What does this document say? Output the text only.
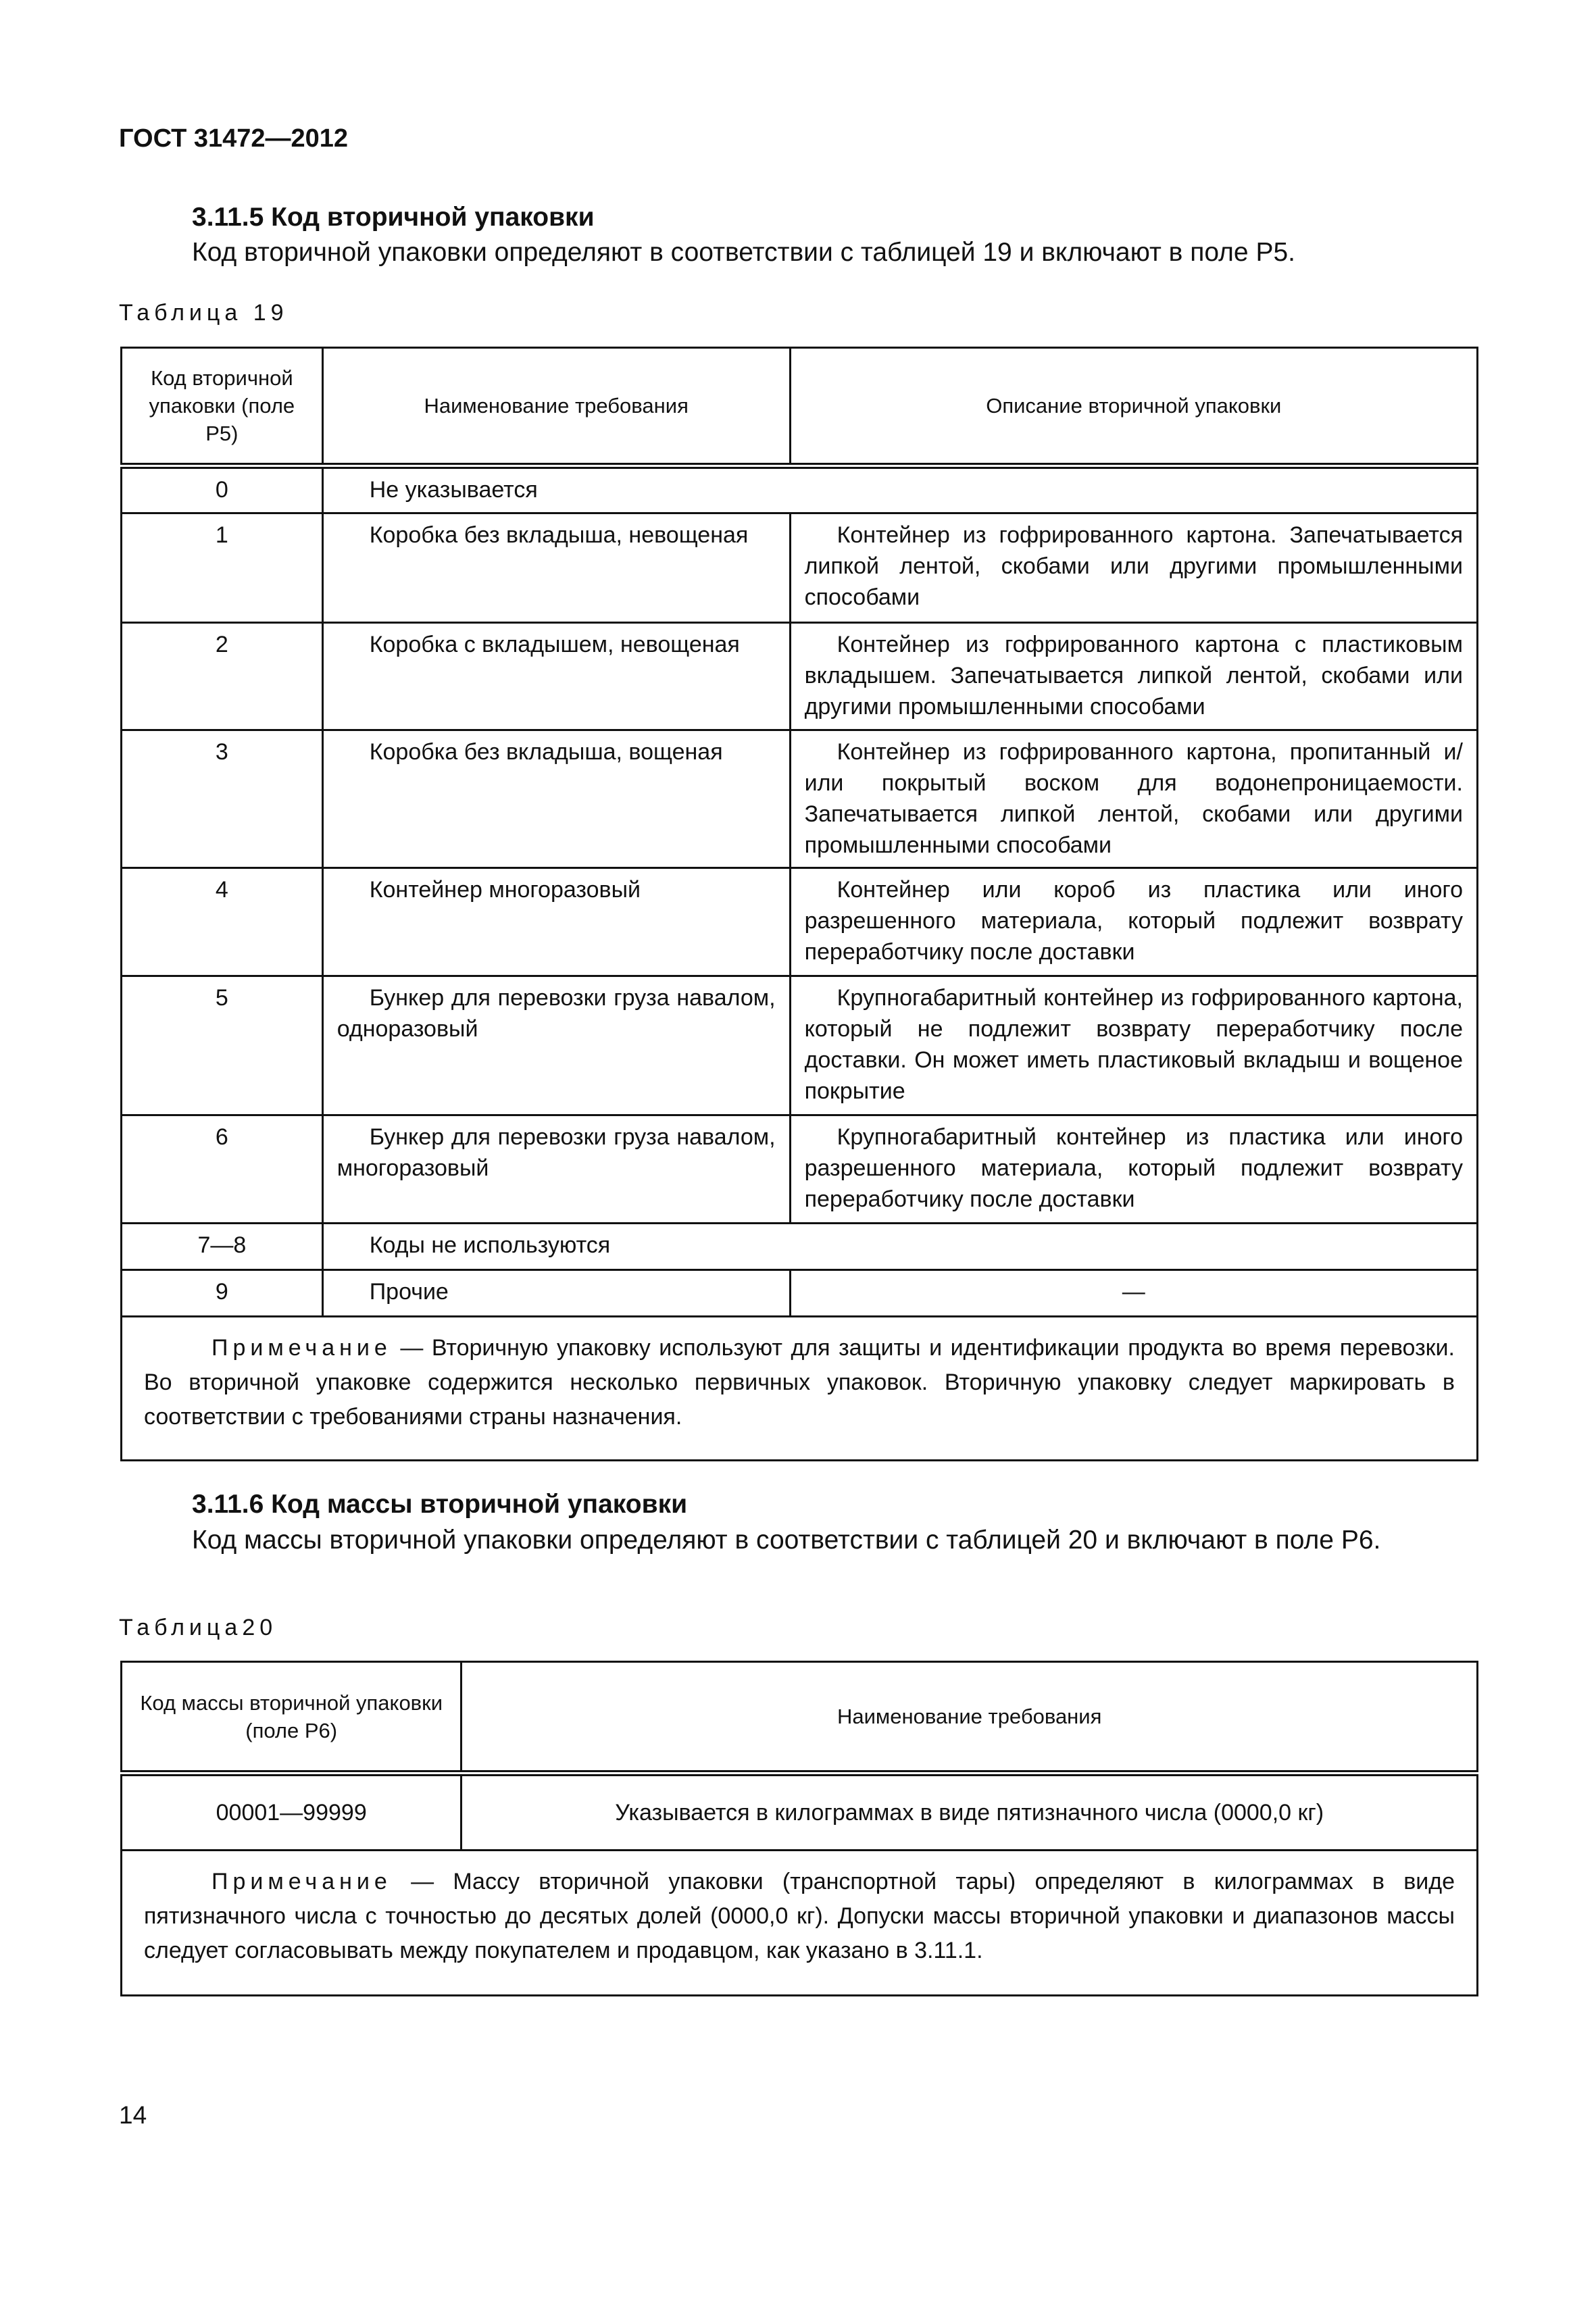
ГОСТ 31472—2012
3.11.5 Код вторичной упаковки
Код вторичной упаковки определяют в соответствии с таблицей 19 и включают в поле P5.
Таблица 19
Код вторичной упаковки (поле P5)	Наименование требования	Описание вторичной упаковки
0	Не указывается	
1	Коробка без вкладыша, невощеная	Контейнер из гофрированного картона. Запечатывается липкой лентой, скобами или другими промышленными способами
2	Коробка с вкладышем, невощеная	Контейнер из гофрированного картона с пластиковым вкладышем. Запечатывается липкой лентой, скобами или другими промышленными способами
3	Коробка без вкладыша, вощеная	Контейнер из гофрированного картона, пропитанный и/или покрытый воском для водонепроницаемости. Запечатывается липкой лентой, скобами или другими промышленными способами
4	Контейнер многоразовый	Контейнер или короб из пластика или иного разрешенного материала, который подлежит возврату переработчику после доставки
5	Бункер для перевозки груза навалом, одноразовый	Крупногабаритный контейнер из гофрированного картона, который не подлежит возврату переработчику после доставки. Он может иметь пластиковый вкладыш и вощеное покрытие
6	Бункер для перевозки груза навалом, многоразовый	Крупногабаритный контейнер из пластика или иного разрешенного материала, который подлежит возврату переработчику после доставки
7—8	Коды не используются	
9	Прочие	—
Примечание — Вторичную упаковку используют для защиты и идентификации продукта во время перевозки. Во вторичной упаковке содержится несколько первичных упаковок. Вторичную упаковку следует маркировать в соответствии с требованиями страны назначения.		
3.11.6 Код массы вторичной упаковки
Код массы вторичной упаковки определяют в соответствии с таблицей 20 и включают в поле P6.
Таблица20
Код массы вторичной упаковки (поле P6)	Наименование требования
00001—99999	Указывается в килограммах в виде пятизначного числа (0000,0 кг)
Примечание — Массу вторичной упаковки (транспортной тары) определяют в килограммах в виде пятизначного числа с точностью до десятых долей (0000,0 кг). Допуски массы вторичной упаковки и диапазонов массы следует согласовывать между покупателем и продавцом, как указано в 3.11.1.	
14
